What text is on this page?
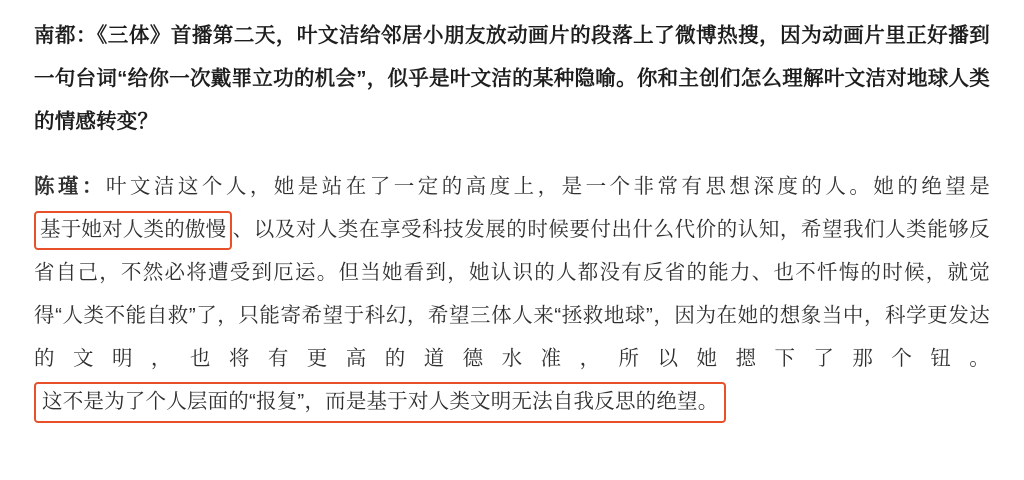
南都：《三体》首播第二天，叶文洁给邻居小朋友放动画片的段落上了微博热搜，因为动画片里正好播到一句台词“给你一次戴罪立功的机会”，似乎是叶文洁的某种隐喻。你和主创们怎么理解叶文洁对地球人类的情感转变？

陈瑾：叶文洁这个人，她是站在了一定的高度上，是一个非常有思想深度的人。她的绝望是基于她对人类的傲慢 、以及对人类在享受科技发展的时候要付出什么代价的认知，希望我们人类能够反省自己，不然必将遭受到厄运。但当她看到，她认识的人都没有反省的能力、也不忏悔的时候，就觉得“人类不能自救”了，只能寄希望于科幻，希望三体人来“拯救地球”，因为在她的想象当中，科学更发达的文明，也将有更高的道德水准，所以她摁下了那个钮。这不是为了个人层面的“报复”，而是基于对人类文明无法自我反思的绝望。
